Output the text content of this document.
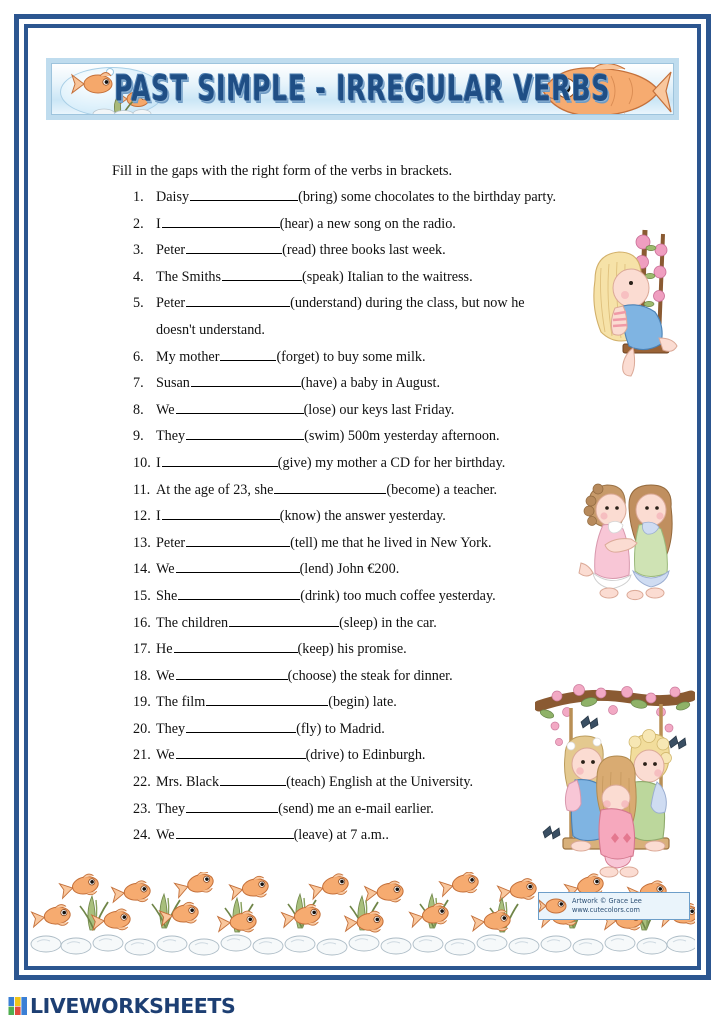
PAST SIMPLE - IRREGULAR VERBS
Fill in the gaps with the right form of the verbs in brackets.
1. Daisy	(bring) some chocolates to the birthday party.
2. I	(hear) a new song on the radio.
3. Peter	(read) three books last week.
4. The Smiths	(speak) Italian to the waitress.
5. Peter	(understand) during the class, but now he
doesn't understand.
6. My mother	(forget) to buy some milk.
7. Susan	(have) a baby in August.
8. We	(lose) our keys last Friday.
9. They	(swim) 500m yesterday afternoon.
10. I	(give) my mother a CD for her birthday.
11. At the age of 23, she	(become) a teacher.
12. I	(know) the answer yesterday.
13. Peter	(tell) me that he lived in New York.
14. We	(lend) John €200.
15. She	(drink) too much coffee yesterday.
16. The children	(sleep) in the car.
17. He	(keep) his promise.
18. We	(choose) the steak for dinner.
19. The film	(begin) late.
20. They	(fly) to Madrid.
21. We	(drive) to Edinburgh.
22. Mrs. Black	(teach) English at the University.
23. They	(send) me an e-mail earlier.
24. We	(leave) at 7 a.m..
Artwork © Grace Lee
www.cutecolors.com
LIVEWORKSHEETS
